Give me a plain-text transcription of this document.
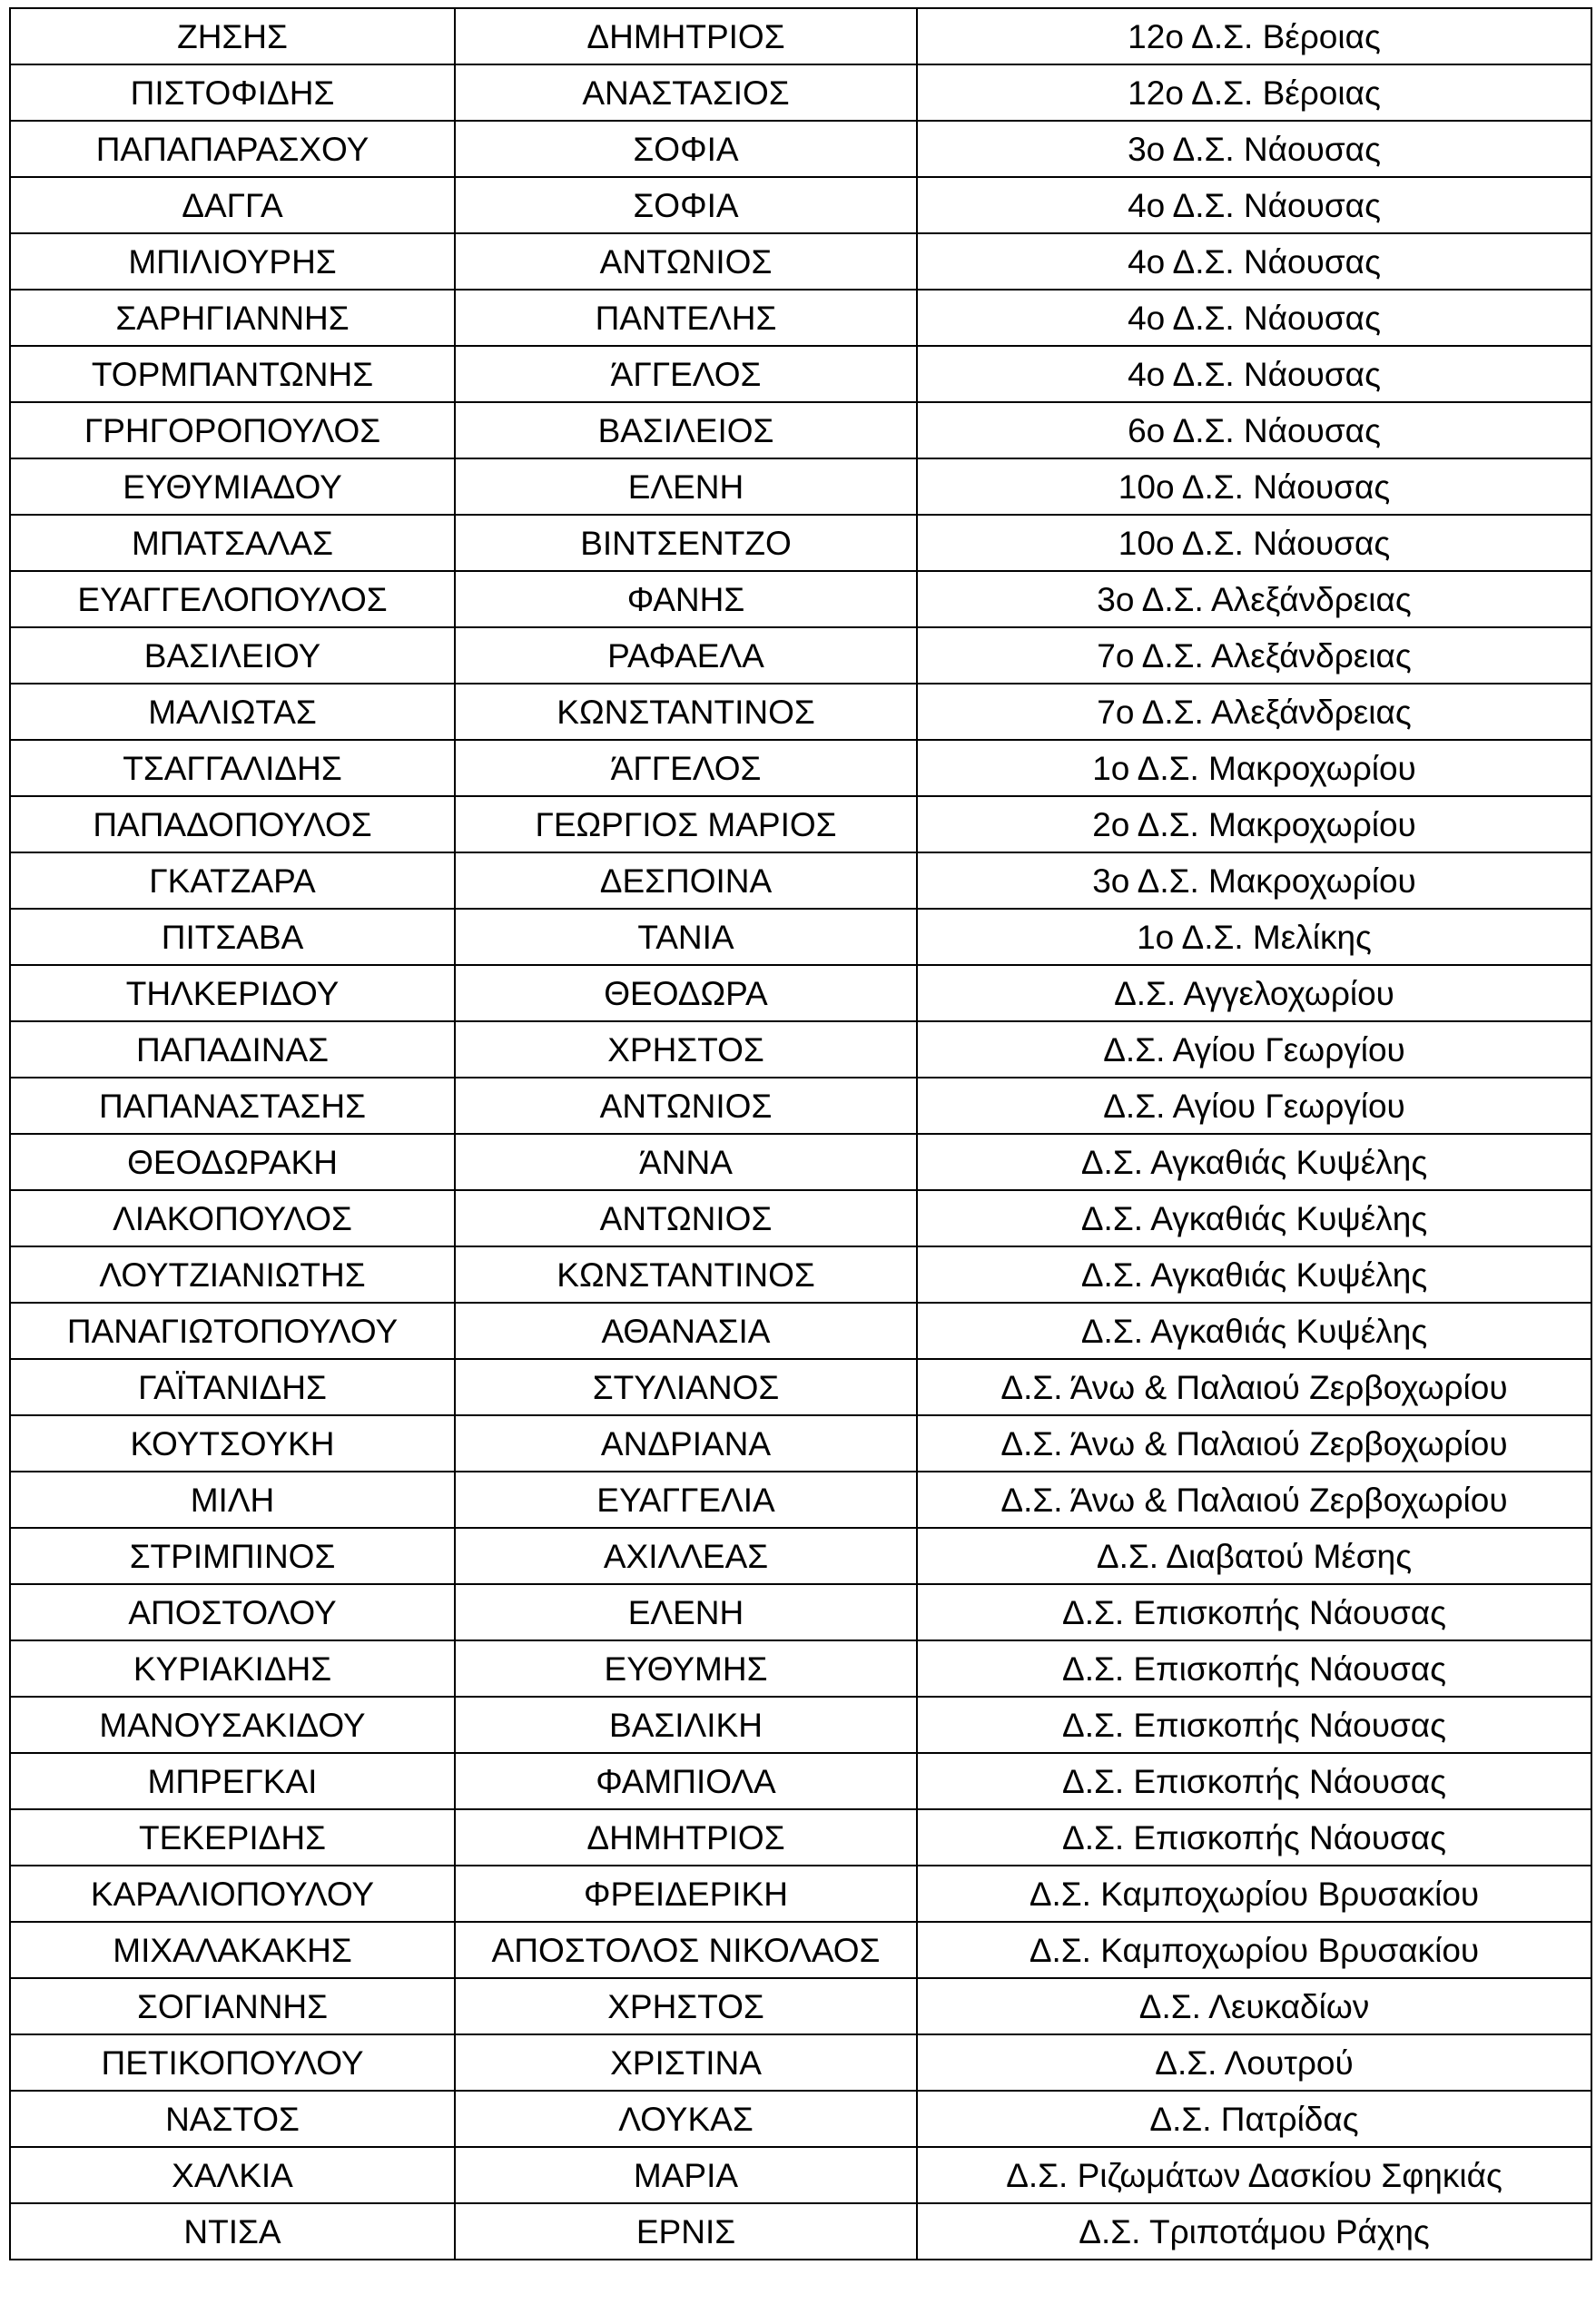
ΖΗΣΗΣ	ΔΗΜΗΤΡΙΟΣ	12ο Δ.Σ. Βέροιας
ΠΙΣΤΟΦΙΔΗΣ	ΑΝΑΣΤΑΣΙΟΣ	12ο Δ.Σ. Βέροιας
ΠΑΠΑΠΑΡΑΣΧΟΥ	ΣΟΦΙΑ	3ο Δ.Σ. Νάουσας
ΔΑΓΓΑ	ΣΟΦΙΑ	4ο Δ.Σ. Νάουσας
ΜΠΙΛΙΟΥΡΗΣ	ΑΝΤΩΝΙΟΣ	4ο Δ.Σ. Νάουσας
ΣΑΡΗΓΙΑΝΝΗΣ	ΠΑΝΤΕΛΗΣ	4ο Δ.Σ. Νάουσας
ΤΟΡΜΠΑΝΤΩΝΗΣ	ΆΓΓΕΛΟΣ	4ο Δ.Σ. Νάουσας
ΓΡΗΓΟΡΟΠΟΥΛΟΣ	ΒΑΣΙΛΕΙΟΣ	6ο Δ.Σ. Νάουσας
ΕΥΘΥΜΙΑΔΟΥ	ΕΛΕΝΗ	10ο Δ.Σ. Νάουσας
ΜΠΑΤΣΑΛΑΣ	ΒΙΝΤΣΕΝΤΖΟ	10ο Δ.Σ. Νάουσας
ΕΥΑΓΓΕΛΟΠΟΥΛΟΣ	ΦΑΝΗΣ	3ο Δ.Σ. Αλεξάνδρειας
ΒΑΣΙΛΕΙΟΥ	ΡΑΦΑΕΛΑ	7ο Δ.Σ. Αλεξάνδρειας
ΜΑΛΙΩΤΑΣ	ΚΩΝΣΤΑΝΤΙΝΟΣ	7ο Δ.Σ. Αλεξάνδρειας
ΤΣΑΓΓΑΛΙΔΗΣ	ΆΓΓΕΛΟΣ	1ο Δ.Σ. Μακροχωρίου
ΠΑΠΑΔΟΠΟΥΛΟΣ	ΓΕΩΡΓΙΟΣ ΜΑΡΙΟΣ	2ο Δ.Σ. Μακροχωρίου
ΓΚΑΤΖΑΡΑ	ΔΕΣΠΟΙΝΑ	3ο Δ.Σ. Μακροχωρίου
ΠΙΤΣΑΒΑ	ΤΑΝΙΑ	1ο Δ.Σ. Μελίκης
ΤΗΛΚΕΡΙΔΟΥ	ΘΕΟΔΩΡΑ	Δ.Σ. Αγγελοχωρίου
ΠΑΠΑΔΙΝΑΣ	ΧΡΗΣΤΟΣ	Δ.Σ. Αγίου Γεωργίου
ΠΑΠΑΝΑΣΤΑΣΗΣ	ΑΝΤΩΝΙΟΣ	Δ.Σ. Αγίου Γεωργίου
ΘΕΟΔΩΡΑΚΗ	ΆΝΝΑ	Δ.Σ. Αγκαθιάς Κυψέλης
ΛΙΑΚΟΠΟΥΛΟΣ	ΑΝΤΩΝΙΟΣ	Δ.Σ. Αγκαθιάς Κυψέλης
ΛΟΥΤΖΙΑΝΙΩΤΗΣ	ΚΩΝΣΤΑΝΤΙΝΟΣ	Δ.Σ. Αγκαθιάς Κυψέλης
ΠΑΝΑΓΙΩΤΟΠΟΥΛΟΥ	ΑΘΑΝΑΣΙΑ	Δ.Σ. Αγκαθιάς Κυψέλης
ΓΑΪΤΑΝΙΔΗΣ	ΣΤΥΛΙΑΝΟΣ	Δ.Σ. Άνω & Παλαιού Ζερβοχωρίου
ΚΟΥΤΣΟΥΚΗ	ΑΝΔΡΙΑΝΑ	Δ.Σ. Άνω & Παλαιού Ζερβοχωρίου
ΜΙΛΗ	ΕΥΑΓΓΕΛΙΑ	Δ.Σ. Άνω & Παλαιού Ζερβοχωρίου
ΣΤΡΙΜΠΙΝΟΣ	ΑΧΙΛΛΕΑΣ	Δ.Σ. Διαβατού Μέσης
ΑΠΟΣΤΟΛΟΥ	ΕΛΕΝΗ	Δ.Σ. Επισκοπής Νάουσας
ΚΥΡΙΑΚΙΔΗΣ	ΕΥΘΥΜΗΣ	Δ.Σ. Επισκοπής Νάουσας
ΜΑΝΟΥΣΑΚΙΔΟΥ	ΒΑΣΙΛΙΚΗ	Δ.Σ. Επισκοπής Νάουσας
ΜΠΡΕΓΚΑΙ	ΦΑΜΠΙΟΛΑ	Δ.Σ. Επισκοπής Νάουσας
ΤΕΚΕΡΙΔΗΣ	ΔΗΜΗΤΡΙΟΣ	Δ.Σ. Επισκοπής Νάουσας
ΚΑΡΑΛΙΟΠΟΥΛΟΥ	ΦΡΕΙΔΕΡΙΚΗ	Δ.Σ. Καμποχωρίου Βρυσακίου
ΜΙΧΑΛΑΚΑΚΗΣ	ΑΠΟΣΤΟΛΟΣ ΝΙΚΟΛΑΟΣ	Δ.Σ. Καμποχωρίου Βρυσακίου
ΣΟΓΙΑΝΝΗΣ	ΧΡΗΣΤΟΣ	Δ.Σ. Λευκαδίων
ΠΕΤΙΚΟΠΟΥΛΟΥ	ΧΡΙΣΤΙΝΑ	Δ.Σ. Λουτρού
ΝΑΣΤΟΣ	ΛΟΥΚΑΣ	Δ.Σ. Πατρίδας
ΧΑΛΚΙΑ	ΜΑΡΙΑ	Δ.Σ. Ριζωμάτων Δασκίου Σφηκιάς
ΝΤΙΣΑ	ΕΡΝΙΣ	Δ.Σ. Τριποτάμου Ράχης
